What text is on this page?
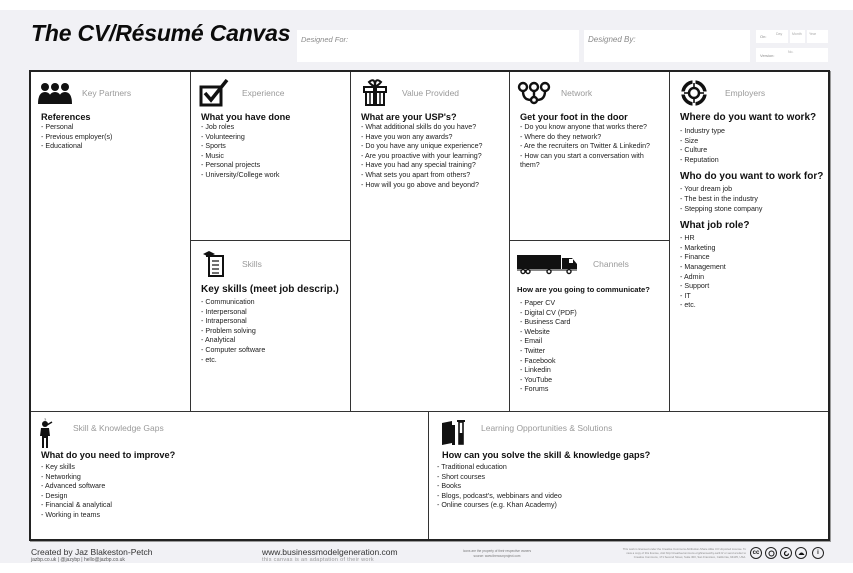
The CV/Résumé Canvas Designed For:	Designed By:	On:	Day	Month Year
Version:
No.
Key Partners
References
- Personal
- Previous employer(s)
- Educational
Experience
What you have done
- Job roles
- Volunteering
- Sports
- Music
- Personal projects
- University/College work
Skills
Key skills (meet job descrip.)
- Communication
- Interpersonal
- Intrapersonal
- Problem solving
- Analytical
- Computer software
- etc.
Value Provided
What are your USP's?
- What additional skills do you have?
- Have you won any awards?
- Do you have any unique experience?
- Are you proactive with your learning?
- Have you had any special training?
- What sets you apart from others?
- How will you go above and beyond?
Network
Get your foot in the door
- Do you know anyone that works there?
- Where do they network?
- Are the recruiters on Twitter & Linkedin?
- How can you start a conversation with them?
Channels
How are you going to communicate?
- Paper CV
- Digital CV (PDF)
- Business Card
- Website
- Email
- Twitter
- Facebook
- Linkedin
- YouTube
- Forums
Employers
Where do you want to work?
- Industry type
- Size
- Culture
- Reputation
Who do you want to work for?
- Your dream job
- The best in the industry
- Stepping stone company
What job role?
- HR
- Marketing
- Finance
- Management
- Admin
- Support
- IT
- etc.
?
Skill & Knowledge Gaps
What do you need to improve?
- Key skills
- Networking
- Advanced software
- Design
- Financial & analytical
- Working in teams
Learning Opportunities & Solutions
How can you solve the skill & knowledge gaps?
- Traditional education
- Short courses
- Books
- Blogs, podcast's, webbinars and video
- Online courses (e.g. Khan Academy)
Created by Jaz Blakeston-Petch
jazbp.co.uk | @jazybp | hello@jazbp.co.uk
www.businessmodelgeneration.com
this canvas is an adaptation of their work
Icons are the property of their respective owners
source: www.thenounproject.com
This work is licensed under the Creative Commons Attribution-Share Alike 3.0 Unported License. To view a copy of this license, visit http://creativecommons.org/licenses/by-sa/3.0/ or send a letter to Creative Commons, 171 Second Street, Suite 300, San Francisco, California, 94105, USA.
cc	i
